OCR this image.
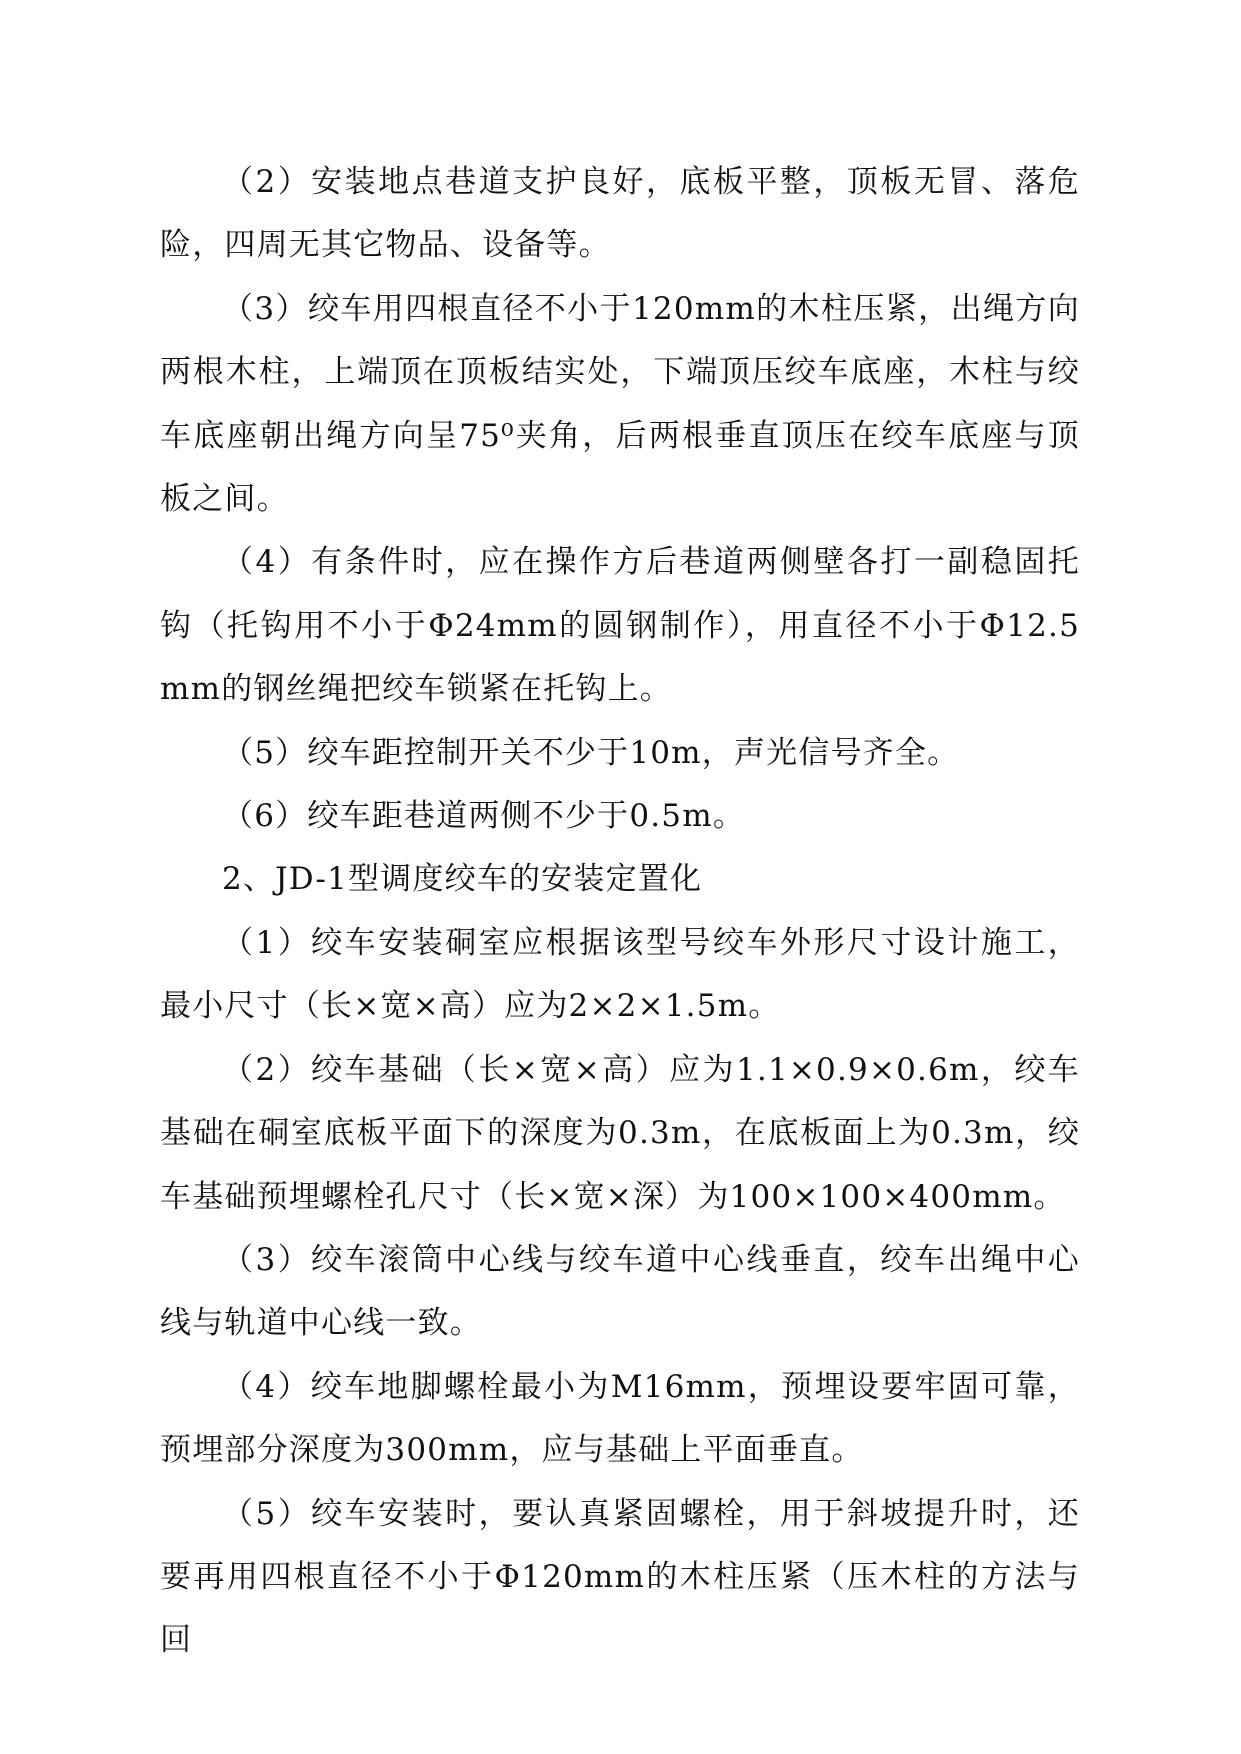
（2）安装地点巷道支护良好，底板平整，顶板无冒、落危险，四周无其它物品、设备等。

（3）绞车用四根直径不小于120mm的木柱压紧，出绳方向两根木柱，上端顶在顶板结实处，下端顶压绞车底座，木柱与绞车底座朝出绳方向呈75⁰夹角，后两根垂直顶压在绞车底座与顶板之间。

（4）有条件时，应在操作方后巷道两侧壁各打一副稳固托钩（托钩用不小于Φ24mm的圆钢制作），用直径不小于Φ12.5mm的钢丝绳把绞车锁紧在托钩上。

（5）绞车距控制开关不少于10m，声光信号齐全。

（6）绞车距巷道两侧不少于0.5m。

2、JD-1型调度绞车的安装定置化

（1）绞车安装硐室应根据该型号绞车外形尺寸设计施工，最小尺寸（长×宽×高）应为2×2×1.5m。

（2）绞车基础（长×宽×高）应为1.1×0.9×0.6m，绞车基础在硐室底板平面下的深度为0.3m，在底板面上为0.3m，绞车基础预埋螺栓孔尺寸（长×宽×深）为100×100×400mm。

（3）绞车滚筒中心线与绞车道中心线垂直，绞车出绳中心线与轨道中心线一致。

（4）绞车地脚螺栓最小为M16mm，预埋设要牢固可靠，预埋部分深度为300mm，应与基础上平面垂直。

（5）绞车安装时，要认真紧固螺栓，用于斜坡提升时，还要再用四根直径不小于Φ120mm的木柱压紧（压木柱的方法与回
